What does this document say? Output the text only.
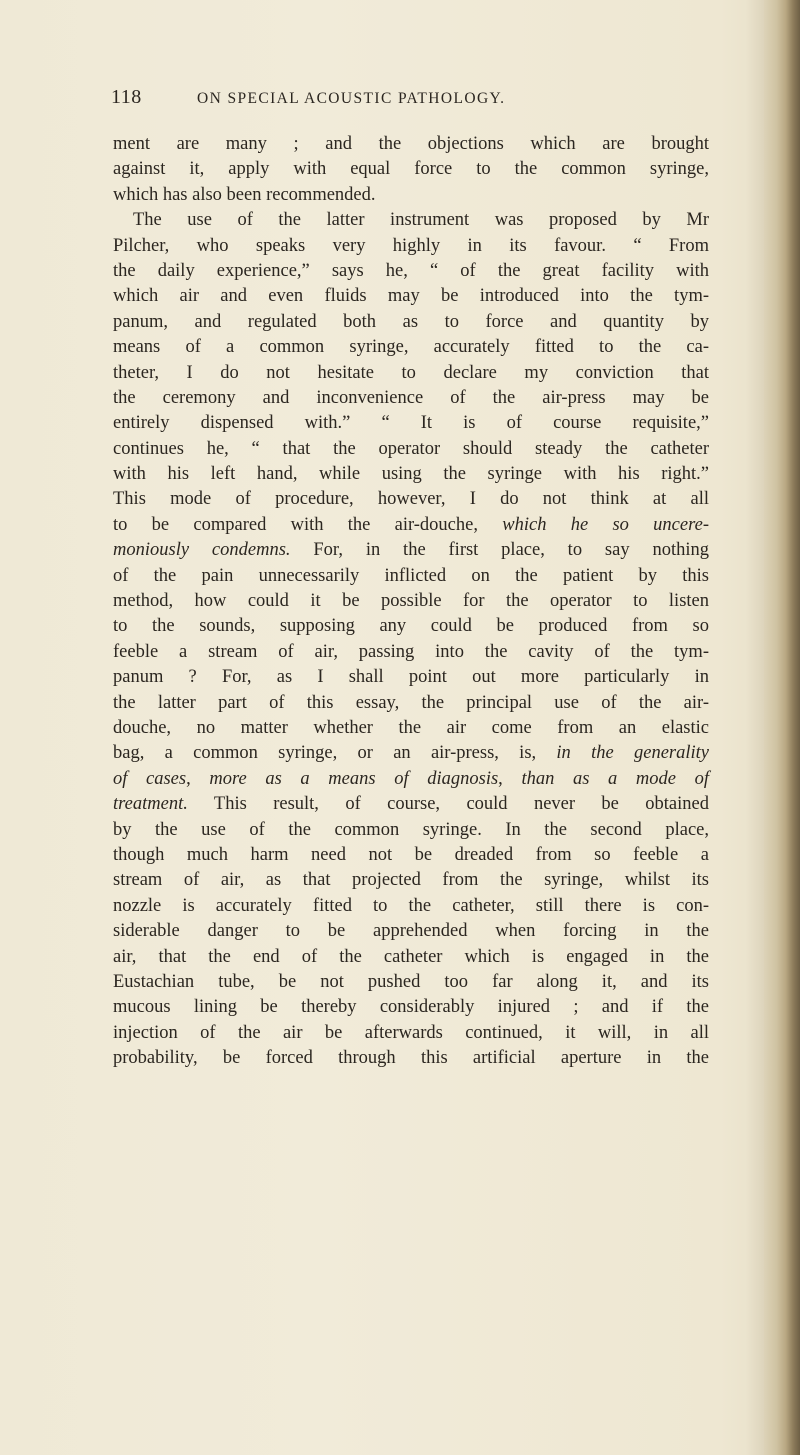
118	ON SPECIAL ACOUSTIC PATHOLOGY.
ment are many ; and the objections which are brought
against it, apply with equal force to the common syringe,
which has also been recommended.
The use of the latter instrument was proposed by Mr
Pilcher, who speaks very highly in its favour. “ From
the daily experience,” says he, “ of the great facility with
which air and even fluids may be introduced into the tym-
panum, and regulated both as to force and quantity by
means of a common syringe, accurately fitted to the ca-
theter, I do not hesitate to declare my conviction that
the ceremony and inconvenience of the air-press may be
entirely dispensed with.” “ It is of course requisite,”
continues he, “ that the operator should steady the catheter
with his left hand, while using the syringe with his right.”
This mode of procedure, however, I do not think at all
to be compared with the air-douche, which he so uncere-
moniously condemns. For, in the first place, to say nothing
of the pain unnecessarily inflicted on the patient by this
method, how could it be possible for the operator to listen
to the sounds, supposing any could be produced from so
feeble a stream of air, passing into the cavity of the tym-
panum ? For, as I shall point out more particularly in
the latter part of this essay, the principal use of the air-
douche, no matter whether the air come from an elastic
bag, a common syringe, or an air-press, is, in the generality
of cases, more as a means of diagnosis, than as a mode of
treatment. This result, of course, could never be obtained
by the use of the common syringe. In the second place,
though much harm need not be dreaded from so feeble a
stream of air, as that projected from the syringe, whilst its
nozzle is accurately fitted to the catheter, still there is con-
siderable danger to be apprehended when forcing in the
air, that the end of the catheter which is engaged in the
Eustachian tube, be not pushed too far along it, and its
mucous lining be thereby considerably injured ; and if the
injection of the air be afterwards continued, it will, in all
probability, be forced through this artificial aperture in the
